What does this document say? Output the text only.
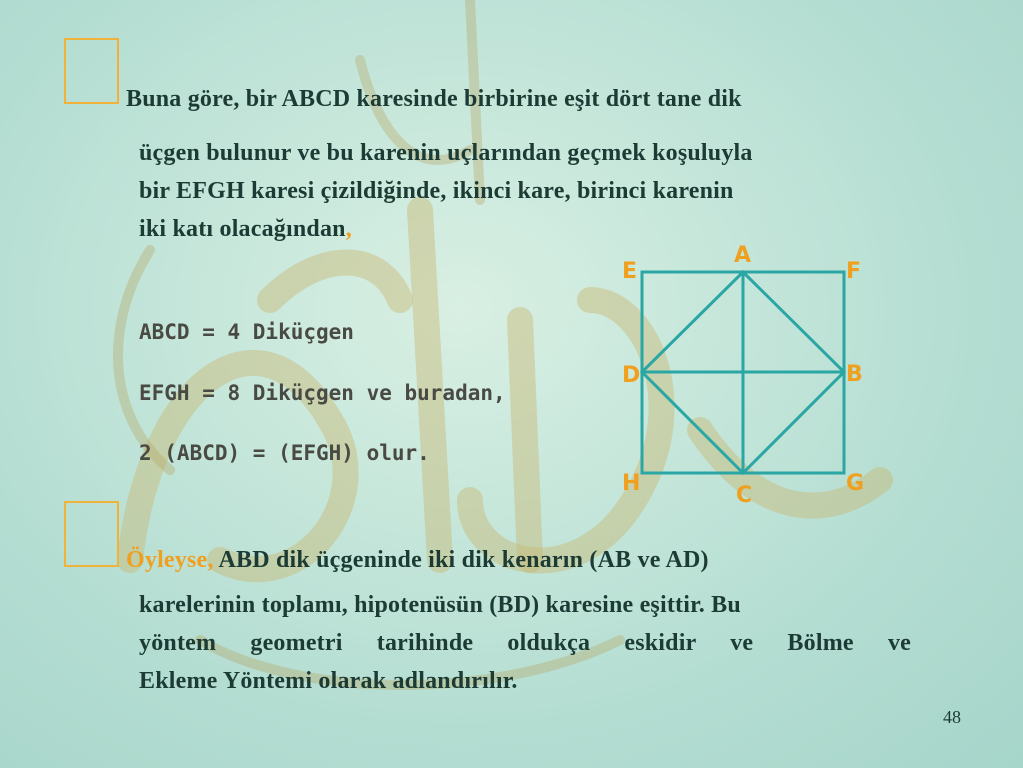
Buna göre, bir ABCD karesinde birbirine eşit dört tane dik
üçgen bulunur ve bu karenin uçlarından geçmek koşuluyla
bir EFGH karesi çizildiğinde, ikinci kare, birinci karenin
iki katı olacağından,
ABCD = 4 Diküçgen
EFGH = 8 Diküçgen ve buradan,
2 (ABCD) = (EFGH) olur.
A
E	F
D	B
H	G
C
Öyleyse, ABD dik üçgeninde iki dik kenarın (AB ve AD)
karelerinin toplamı, hipotenüsün (BD) karesine eşittir. Bu
yöntem geometri tarihinde oldukça eskidir ve Bölme ve
Ekleme Yöntemi olarak adlandırılır.
48
